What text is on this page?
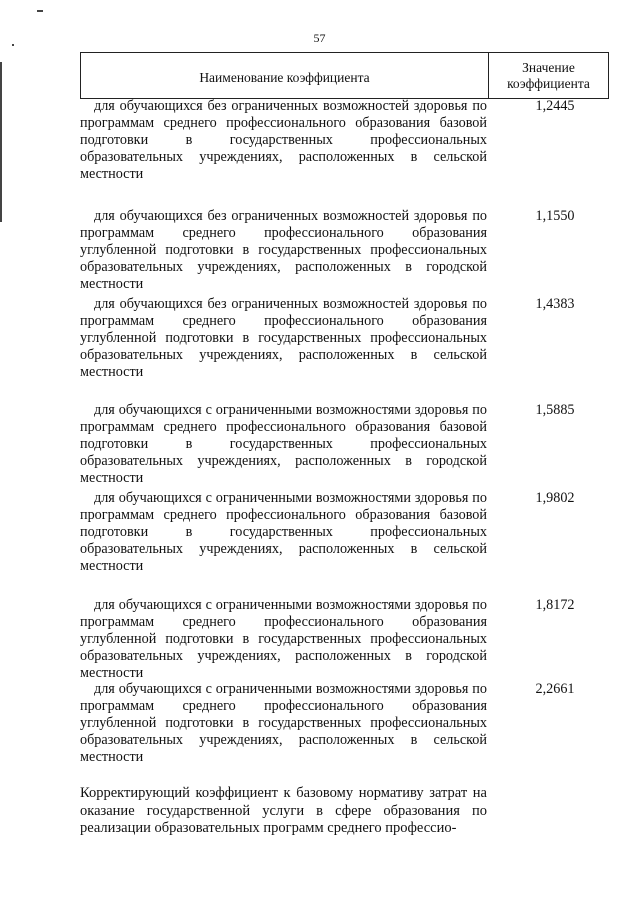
57
Наименование коэффициента
Значение
коэффициента
для обучающихся без ограниченных возможностей здоровья по программам среднего профессионального образования базовой подготовки в государственных профессиональных образовательных учреждениях, расположенных в сельской местности
1,2445
для обучающихся без ограниченных возможностей здоровья по программам среднего профессионального образования углубленной подготовки в государственных профессиональных образовательных учреждениях, расположенных в городской местности
1,1550
для обучающихся без ограниченных возможностей здоровья по программам среднего профессионального образования углубленной подготовки в государственных профессиональных образовательных учреждениях, расположенных в сельской местности
1,4383
для обучающихся с ограниченными возможностями здоровья по программам среднего профессионального образования базовой подготовки в государственных профессиональных образовательных учреждениях, расположенных в городской местности
1,5885
для обучающихся с ограниченными возможностями здоровья по программам среднего профессионального образования базовой подготовки в государственных профессиональных образовательных учреждениях, расположенных в сельской местности
1,9802
для обучающихся с ограниченными возможностями здоровья по программам среднего профессионального образования углубленной подготовки в государственных профессиональных образовательных учреждениях, расположенных в городской местности
1,8172
для обучающихся с ограниченными возможностями здоровья по программам среднего профессионального образования углубленной подготовки в государственных профессиональных образовательных учреждениях, расположенных в сельской местности
2,2661
Корректирующий коэффициент к базовому нормативу затрат на оказание государственной услуги в сфере образования по реализации образовательных программ среднего профессио-
